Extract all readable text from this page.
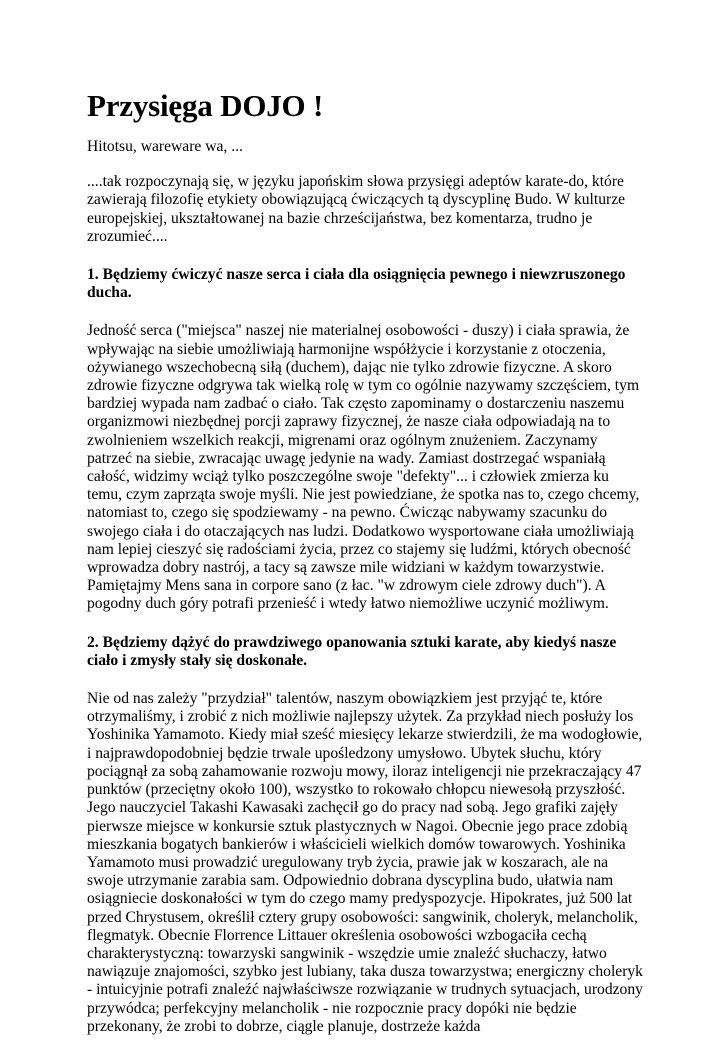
Przysięga DOJO !

Hitotsu, wareware wa, ...

....tak rozpoczynają się, w języku japońskim słowa przysięgi adeptów karate-do, które zawierają filozofię etykiety obowiązującą ćwiczących tą dyscyplinę Budo. W kulturze europejskiej, ukształtowanej na bazie chrześcijaństwa, bez komentarza, trudno je zrozumieć....

1. Będziemy ćwiczyć nasze serca i ciała dla osiągnięcia pewnego i niewzruszonego ducha.

Jedność serca ("miejsca" naszej nie materialnej osobowości - duszy) i ciała sprawia, że wpływając na siebie umożliwiają harmonijne współżycie i korzystanie z otoczenia, ożywianego wszechobecną siłą (duchem), dając nie tylko zdrowie fizyczne. A skoro zdrowie fizyczne odgrywa tak wielką rolę w tym co ogólnie nazywamy szczęściem, tym bardziej wypada nam zadbać o ciało. Tak często zapominamy o dostarczeniu naszemu organizmowi niezbędnej porcji zaprawy fizycznej, że nasze ciała odpowiadają na to zwolnieniem wszelkich reakcji, migrenami oraz ogólnym znużeniem. Zaczynamy patrzeć na siebie, zwracając uwagę jedynie na wady. Zamiast dostrzegać wspaniałą całość, widzimy wciąż tylko poszczególne swoje "defekty"... i człowiek zmierza ku temu, czym zaprząta swoje myśli. Nie jest powiedziane, że spotka nas to, czego chcemy, natomiast to, czego się spodziewamy - na pewno. Ćwicząc nabywamy szacunku do swojego ciała i do otaczających nas ludzi. Dodatkowo wysportowane ciała umożliwiają nam lepiej cieszyć się radościami życia, przez co stajemy się ludźmi, których obecność wprowadza dobry nastrój, a tacy są zawsze mile widziani w każdym towarzystwie. Pamiętajmy Mens sana in corpore sano (z łac. "w zdrowym ciele zdrowy duch"). A pogodny duch góry potrafi przenieść i wtedy łatwo niemożliwe uczynić możliwym.

2. Będziemy dążyć do prawdziwego opanowania sztuki karate, aby kiedyś nasze ciało i zmysły stały się doskonałe.

Nie od nas zależy "przydział" talentów, naszym obowiązkiem jest przyjąć te, które otrzymaliśmy, i zrobić z nich możliwie najlepszy użytek. Za przykład niech posłuży los Yoshinika Yamamoto. Kiedy miał sześć miesięcy lekarze stwierdzili, że ma wodogłowie, i najprawdopodobniej będzie trwale upośledzony umysłowo. Ubytek słuchu, który pociągnął za sobą zahamowanie rozwoju mowy, iloraz inteligencji nie przekraczający 47 punktów (przeciętny około 100), wszystko to rokowało chłopcu niewesołą przyszłość. Jego nauczyciel Takashi Kawasaki zachęcił go do pracy nad sobą. Jego grafiki zajęły pierwsze miejsce w konkursie sztuk plastycznych w Nagoi. Obecnie jego prace zdobią mieszkania bogatych bankierów i właścicieli wielkich domów towarowych. Yoshinika Yamamoto musi prowadzić uregulowany tryb życia, prawie jak w koszarach, ale na swoje utrzymanie zarabia sam. Odpowiednio dobrana dyscyplina budo, ułatwia nam osiągniecie doskonałości w tym do czego mamy predyspozycje. Hipokrates, już 500 lat przed Chrystusem, określił cztery grupy osobowości: sangwinik, choleryk, melancholik, flegmatyk. Obecnie Florrence Littauer określenia osobowości wzbogaciła cechą charakterystyczną: towarzyski sangwinik - wszędzie umie znaleźć słuchaczy, łatwo nawiązuje znajomości, szybko jest lubiany, taka dusza towarzystwa; energiczny choleryk - intuicyjnie potrafi znaleźć najwłaściwsze rozwiązanie w trudnych sytuacjach, urodzony przywódca; perfekcyjny melancholik - nie rozpocznie pracy dopóki nie będzie przekonany, że zrobi to dobrze, ciągle planuje, dostrzeże każda
